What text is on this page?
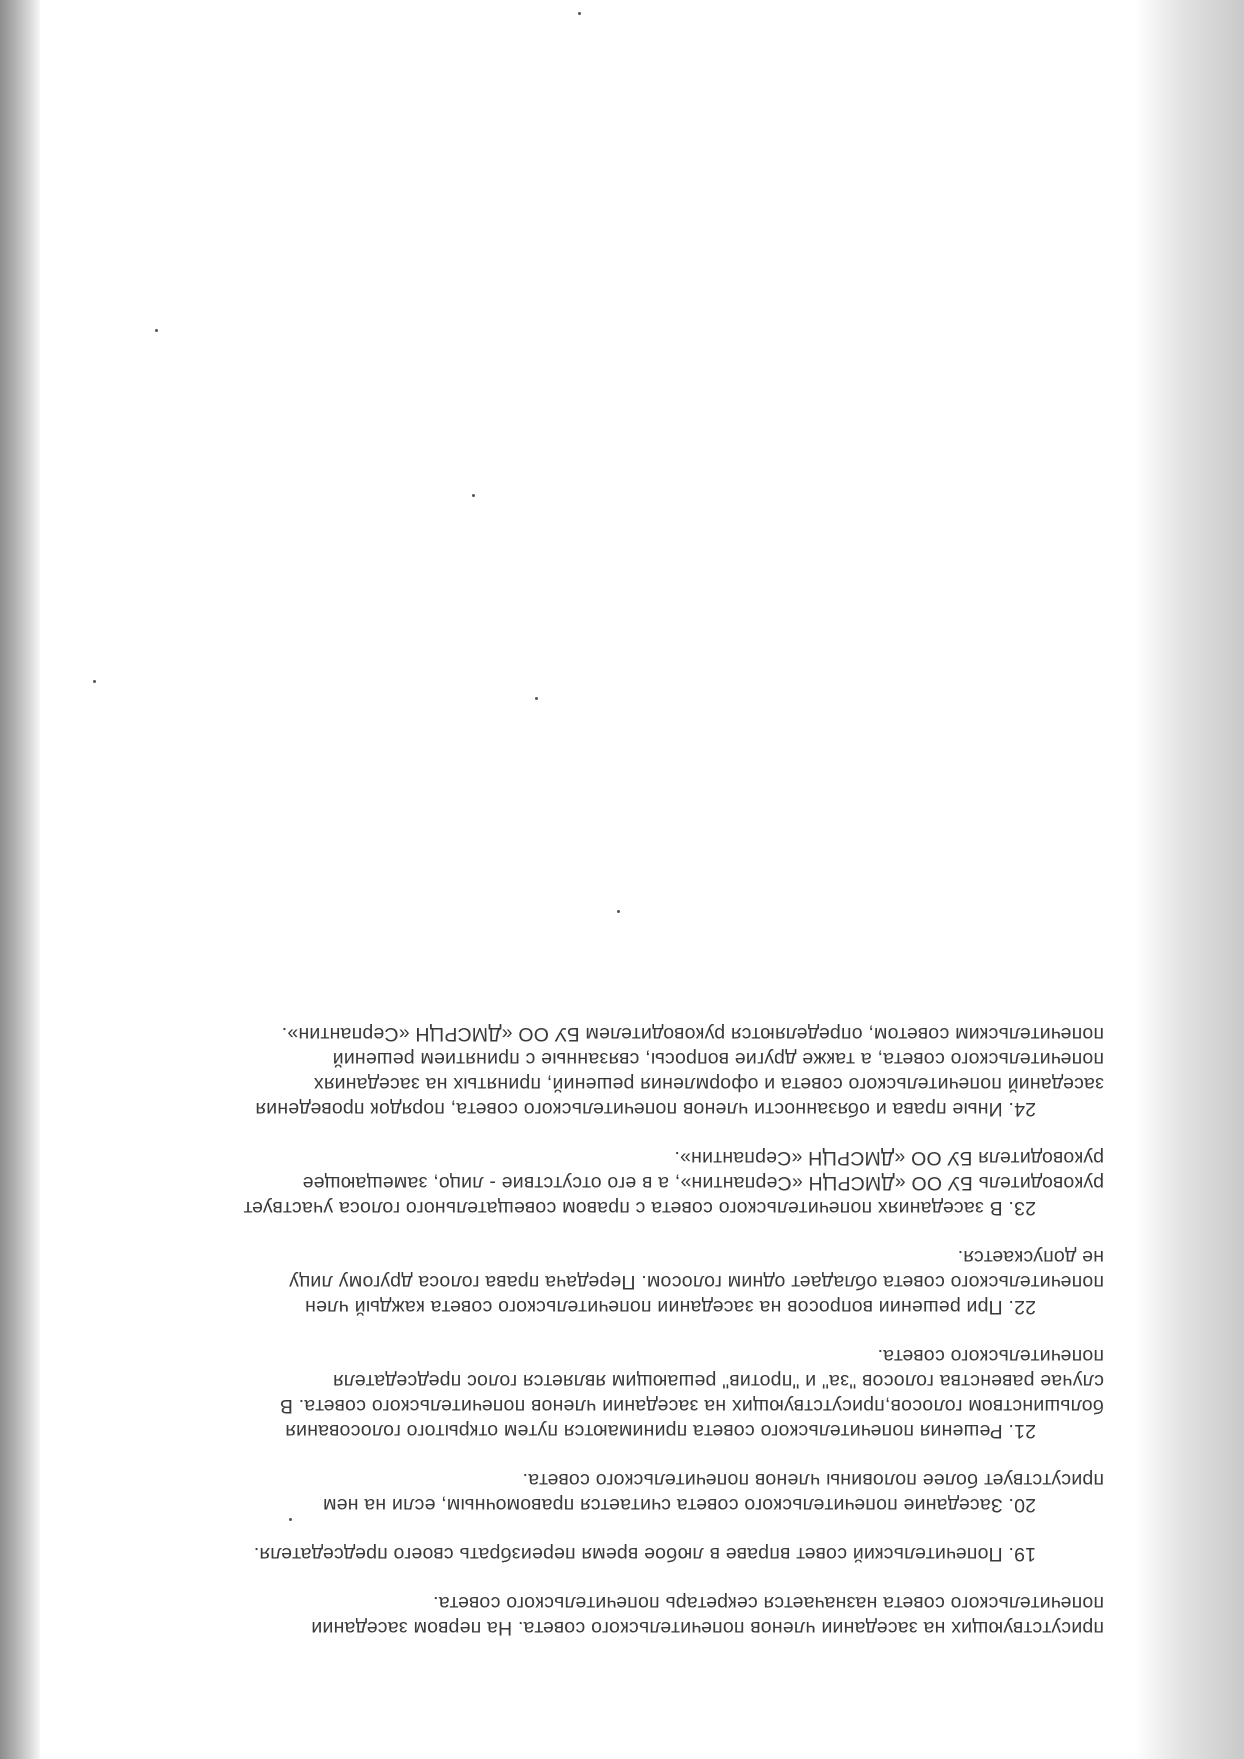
присутствующих на заседании членов попечительского совета. На первом заседании
попечительского совета назначается секретарь попечительского совета.

19. Попечительский совет вправе в любое время переизбрать своего председателя.

20. Заседание попечительского совета считается правомочным, если на нем
присутствует более половины членов попечительского совета.

21. Решения попечительского совета принимаются путем открытого голосования
большинством голосов,присутствующих на заседании членов попечительского совета. В
случае равенства голосов "за" и "против" решающим является голос председателя
попечительского совета.

22. При решении вопросов на заседании попечительского совета каждый член
попечительского совета обладает одним голосом. Передача права голоса другому лицу
не допускается.

23. В заседаниях попечительского совета с правом совещательного голоса участвует
руководитель БУ ОО «ДМСРЦН «Серпантин», а в его отсутствие - лицо, замещающее
руководителя БУ ОО «ДМСРЦН «Серпантин».

24. Иные права и обязанности членов попечительского совета, порядок проведения
заседаний попечительского совета и оформления решений, принятых на заседаниях
попечительского совета, а также другие вопросы, связанные с принятием решений
попечительским советом, определяются руководителем БУ ОО «ДМСРЦН «Серпантин».
